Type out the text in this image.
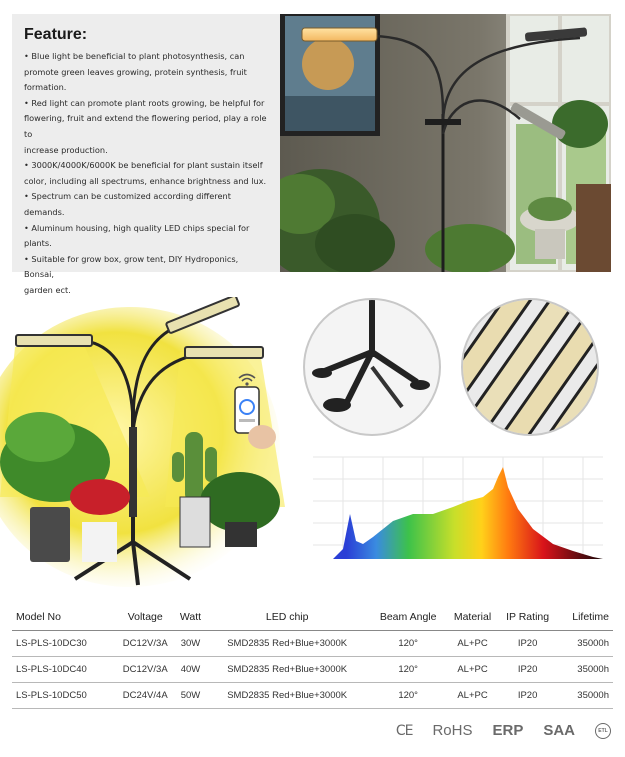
Feature:
• Blue light be beneficial to plant photosynthesis, can
promote green leaves growing, protein synthesis, fruit
formation.
• Red light can promote plant roots growing, be helpful for
flowering, fruit and extend the flowering period, play a role to
increase production.
• 3000K/4000K/6000K be beneficial for plant sustain itself
color, including all spectrums, enhance brightness and lux.
• Spectrum can be customized according different demands.
• Aluminum housing, high quality LED chips special for plants.
• Suitable for grow box, grow tent, DIY Hydroponics, Bonsai,
garden ect.
Model No	Voltage	Watt	LED chip	Beam Angle	Material	IP Rating	Lifetime
LS-PLS-10DC30	DC12V/3A	30W	SMD2835 Red+Blue+3000K	120°	AL+PC	IP20	35000h
LS-PLS-10DC40	DC12V/3A	40W	SMD2835 Red+Blue+3000K	120°	AL+PC	IP20	35000h
LS-PLS-10DC50	DC24V/4A	50W	SMD2835 Red+Blue+3000K	120°	AL+PC	IP20	35000h
CE RoHS ERP SAA	ETL
